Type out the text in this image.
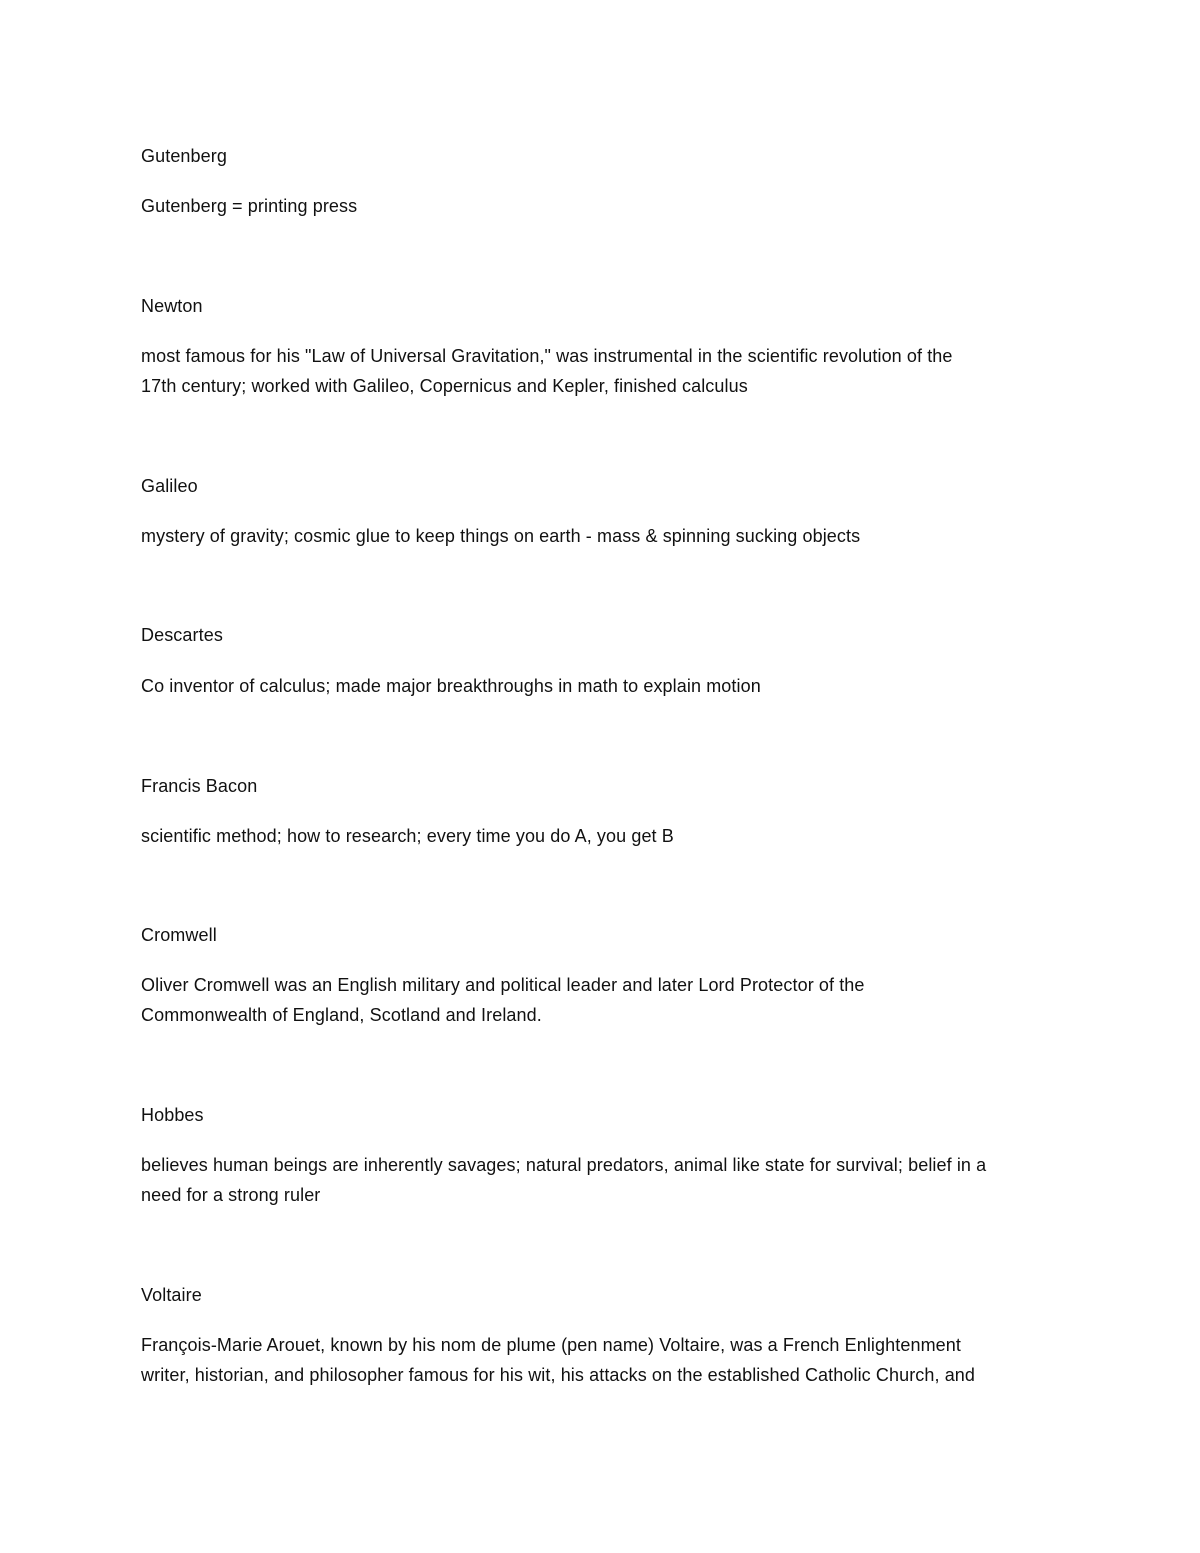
Gutenberg
Gutenberg = printing press
Newton
most famous for his "Law of Universal Gravitation," was instrumental in the scientific revolution of the
17th century; worked with Galileo, Copernicus and Kepler, finished calculus
Galileo
mystery of gravity; cosmic glue to keep things on earth - mass & spinning sucking objects
Descartes
Co inventor of calculus; made major breakthroughs in math to explain motion
Francis Bacon
scientific method; how to research; every time you do A, you get B
Cromwell
Oliver Cromwell was an English military and political leader and later Lord Protector of the
Commonwealth of England, Scotland and Ireland.
Hobbes
believes human beings are inherently savages; natural predators, animal like state for survival; belief in a
need for a strong ruler
Voltaire
François-Marie Arouet, known by his nom de plume (pen name) Voltaire, was a French Enlightenment
writer, historian, and philosopher famous for his wit, his attacks on the established Catholic Church, and
